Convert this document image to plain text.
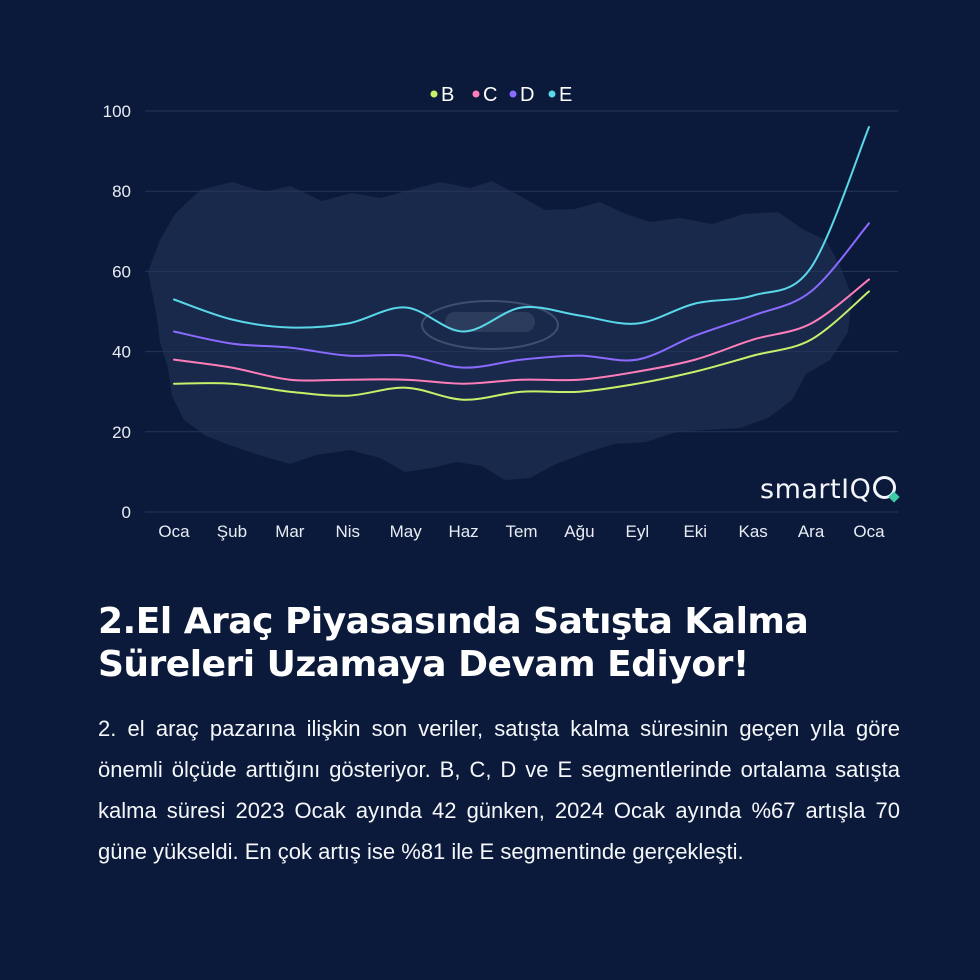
0
20
40
60
80
100
Oca Şub Mar Nis May Haz Tem Ağu Eyl Eki Kas Ara Oca
B C D E
smartIQ
2.El Araç Piyasasında Satışta Kalma
Süreleri Uzamaya Devam Ediyor!

2. el araç pazarına ilişkin son veriler, satışta kalma süresinin geçen yıla göre önemli ölçüde arttığını gösteriyor. B, C, D ve E segmentlerinde ortalama satışta kalma süresi 2023 Ocak ayında 42 günken, 2024 Ocak ayında %67 artışla 70 güne yükseldi. En çok artış ise %81 ile E segmentinde gerçekleşti.
